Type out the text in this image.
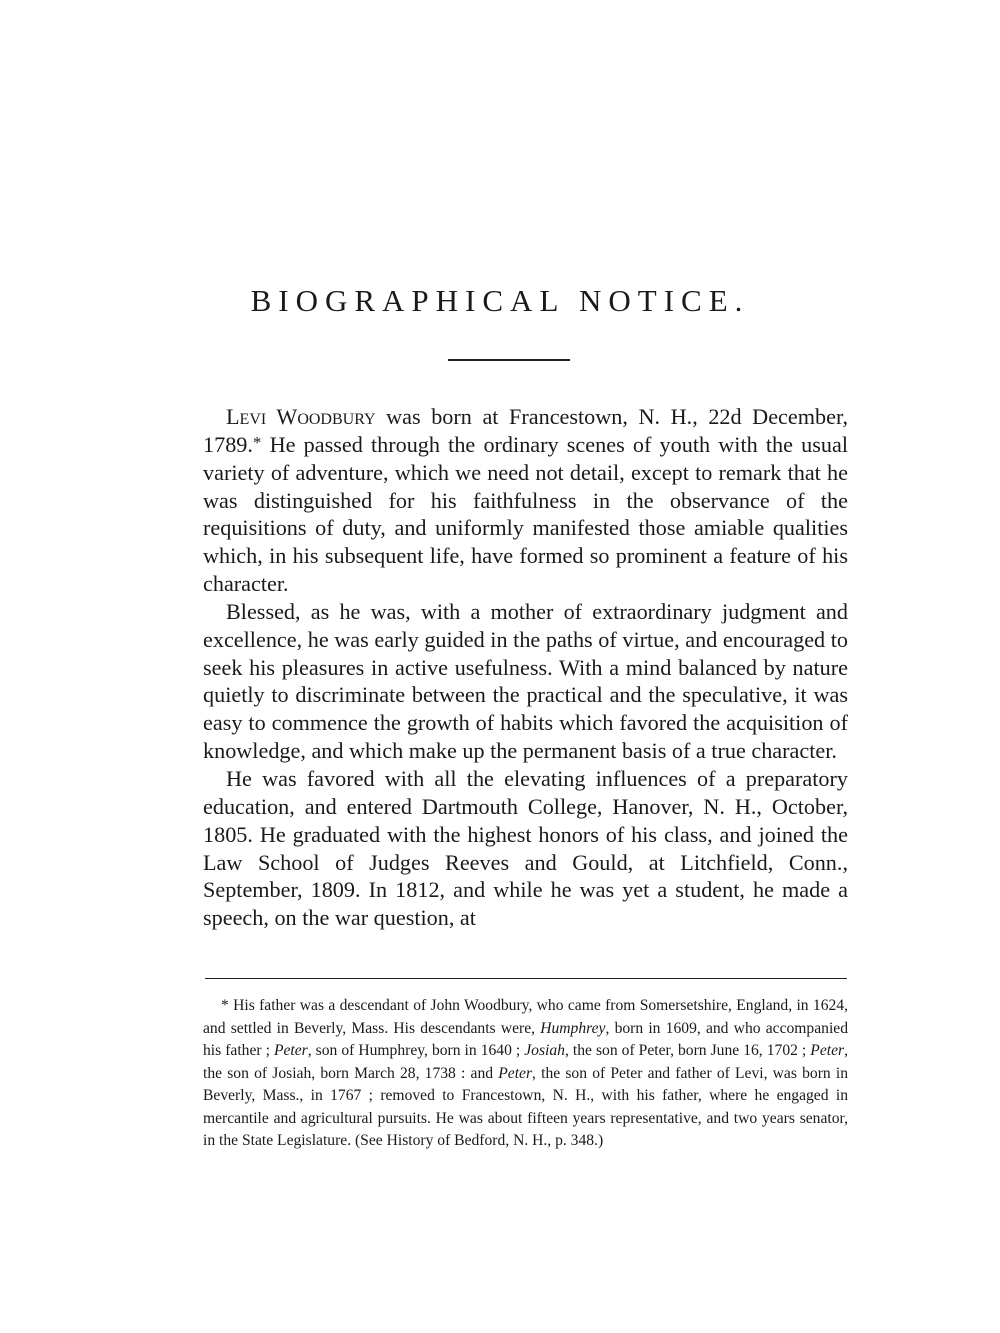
BIOGRAPHICAL NOTICE.

Levi Woodbury was born at Francestown, N. H., 22d December, 1789.* He passed through the ordinary scenes of youth with the usual variety of adventure, which we need not detail, except to remark that he was distinguished for his faithfulness in the observance of the requisitions of duty, and uniformly manifested those amiable qualities which, in his subsequent life, have formed so prominent a feature of his character.

Blessed, as he was, with a mother of extraordinary judgment and excellence, he was early guided in the paths of virtue, and encouraged to seek his pleasures in active usefulness. With a mind balanced by nature quietly to discriminate between the practical and the speculative, it was easy to commence the growth of habits which favored the acquisition of knowledge, and which make up the permanent basis of a true character.

He was favored with all the elevating influences of a preparatory education, and entered Dartmouth College, Hanover, N. H., October, 1805. He graduated with the highest honors of his class, and joined the Law School of Judges Reeves and Gould, at Litchfield, Conn., September, 1809. In 1812, and while he was yet a student, he made a speech, on the war question, at

* His father was a descendant of John Woodbury, who came from Somersetshire, England, in 1624, and settled in Beverly, Mass. His descendants were, Humphrey, born in 1609, and who accompanied his father ; Peter, son of Humphrey, born in 1640 ; Josiah, the son of Peter, born June 16, 1702 ; Peter, the son of Josiah, born March 28, 1738 : and Peter, the son of Peter and father of Levi, was born in Beverly, Mass., in 1767 ; removed to Francestown, N. H., with his father, where he engaged in mercantile and agricultural pursuits. He was about fifteen years representative, and two years senator, in the State Legislature. (See History of Bedford, N. H., p. 348.)
